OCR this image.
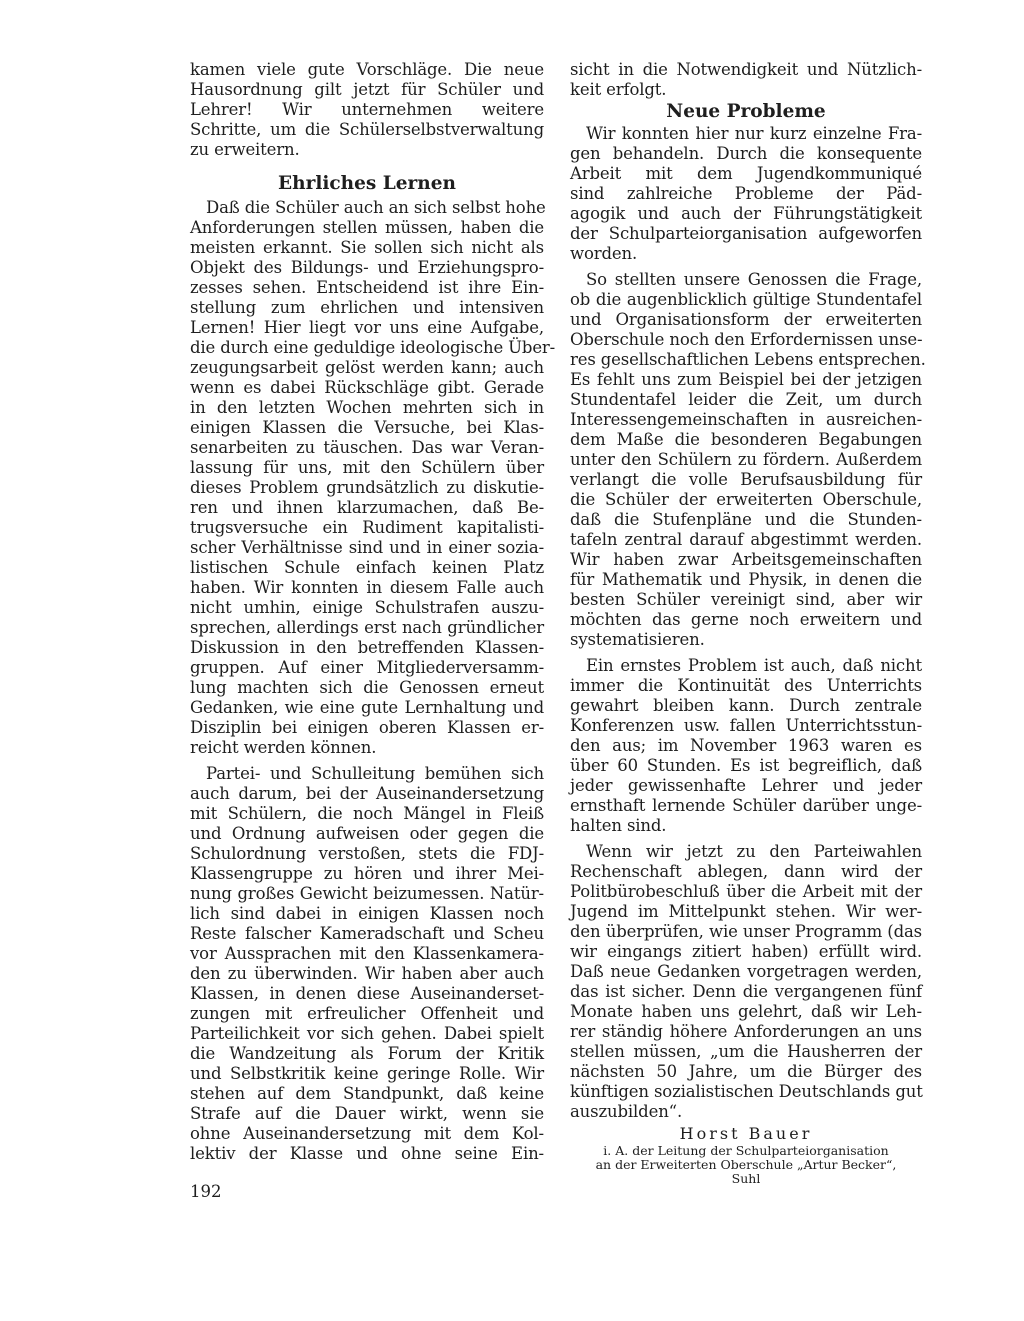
kamen viele gute Vorschläge. Die neue
Hausordnung gilt jetzt für Schüler und
Lehrer! Wir unternehmen weitere
Schritte, um die Schülerselbstverwaltung
zu erweitern.
Ehrliches Lernen
Daß die Schüler auch an sich selbst hohe
Anforderungen stellen müssen, haben die
meisten erkannt. Sie sollen sich nicht als
Objekt des Bildungs- und Erziehungspro-
zesses sehen. Entscheidend ist ihre Ein-
stellung zum ehrlichen und intensiven
Lernen! Hier liegt vor uns eine Aufgabe,
die durch eine geduldige ideologische Über-
zeugungsarbeit gelöst werden kann; auch
wenn es dabei Rückschläge gibt. Gerade
in den letzten Wochen mehrten sich in
einigen Klassen die Versuche, bei Klas-
senarbeiten zu täuschen. Das war Veran-
lassung für uns, mit den Schülern über
dieses Problem grundsätzlich zu diskutie-
ren und ihnen klarzumachen, daß Be-
trugsversuche ein Rudiment kapitalisti-
scher Verhältnisse sind und in einer sozia-
listischen Schule einfach keinen Platz
haben. Wir konnten in diesem Falle auch
nicht umhin, einige Schulstrafen auszu-
sprechen, allerdings erst nach gründlicher
Diskussion in den betreffenden Klassen-
gruppen. Auf einer Mitgliederversamm-
lung machten sich die Genossen erneut
Gedanken, wie eine gute Lernhaltung und
Disziplin bei einigen oberen Klassen er-
reicht werden können.
Partei- und Schulleitung bemühen sich
auch darum, bei der Auseinandersetzung
mit Schülern, die noch Mängel in Fleiß
und Ordnung aufweisen oder gegen die
Schulordnung verstoßen, stets die FDJ-
Klassengruppe zu hören und ihrer Mei-
nung großes Gewicht beizumessen. Natür-
lich sind dabei in einigen Klassen noch
Reste falscher Kameradschaft und Scheu
vor Aussprachen mit den Klassenkamera-
den zu überwinden. Wir haben aber auch
Klassen, in denen diese Auseinanderset-
zungen mit erfreulicher Offenheit und
Parteilichkeit vor sich gehen. Dabei spielt
die Wandzeitung als Forum der Kritik
und Selbstkritik keine geringe Rolle. Wir
stehen auf dem Standpunkt, daß keine
Strafe auf die Dauer wirkt, wenn sie
ohne Auseinandersetzung mit dem Kol-
lektiv der Klasse und ohne seine Ein-
sicht in die Notwendigkeit und Nützlich-
keit erfolgt.
Neue Probleme
Wir konnten hier nur kurz einzelne Fra-
gen behandeln. Durch die konsequente
Arbeit mit dem Jugendkommuniqué
sind zahlreiche Probleme der Päd-
agogik und auch der Führungstätigkeit
der Schulparteiorganisation aufgeworfen
worden.
So stellten unsere Genossen die Frage,
ob die augenblicklich gültige Stundentafel
und Organisationsform der erweiterten
Oberschule noch den Erfordernissen unse-
res gesellschaftlichen Lebens entsprechen.
Es fehlt uns zum Beispiel bei der jetzigen
Stundentafel leider die Zeit, um durch
Interessengemeinschaften in ausreichen-
dem Maße die besonderen Begabungen
unter den Schülern zu fördern. Außerdem
verlangt die volle Berufsausbildung für
die Schüler der erweiterten Oberschule,
daß die Stufenpläne und die Stunden-
tafeln zentral darauf abgestimmt werden.
Wir haben zwar Arbeitsgemeinschaften
für Mathematik und Physik, in denen die
besten Schüler vereinigt sind, aber wir
möchten das gerne noch erweitern und
systematisieren.
Ein ernstes Problem ist auch, daß nicht
immer die Kontinuität des Unterrichts
gewahrt bleiben kann. Durch zentrale
Konferenzen usw. fallen Unterrichtsstun-
den aus; im November 1963 waren es
über 60 Stunden. Es ist begreiflich, daß
jeder gewissenhafte Lehrer und jeder
ernsthaft lernende Schüler darüber unge-
halten sind.
Wenn wir jetzt zu den Parteiwahlen
Rechenschaft ablegen, dann wird der
Politbürobeschluß über die Arbeit mit der
Jugend im Mittelpunkt stehen. Wir wer-
den überprüfen, wie unser Programm (das
wir eingangs zitiert haben) erfüllt wird.
Daß neue Gedanken vorgetragen werden,
das ist sicher. Denn die vergangenen fünf
Monate haben uns gelehrt, daß wir Leh-
rer ständig höhere Anforderungen an uns
stellen müssen, „um die Hausherren der
nächsten 50 Jahre, um die Bürger des
künftigen sozialistischen Deutschlands gut
auszubilden“.
Horst Bauer
i. A. der Leitung der Schulparteiorganisation
an der Erweiterten Oberschule „Artur Becker“,
Suhl
192
